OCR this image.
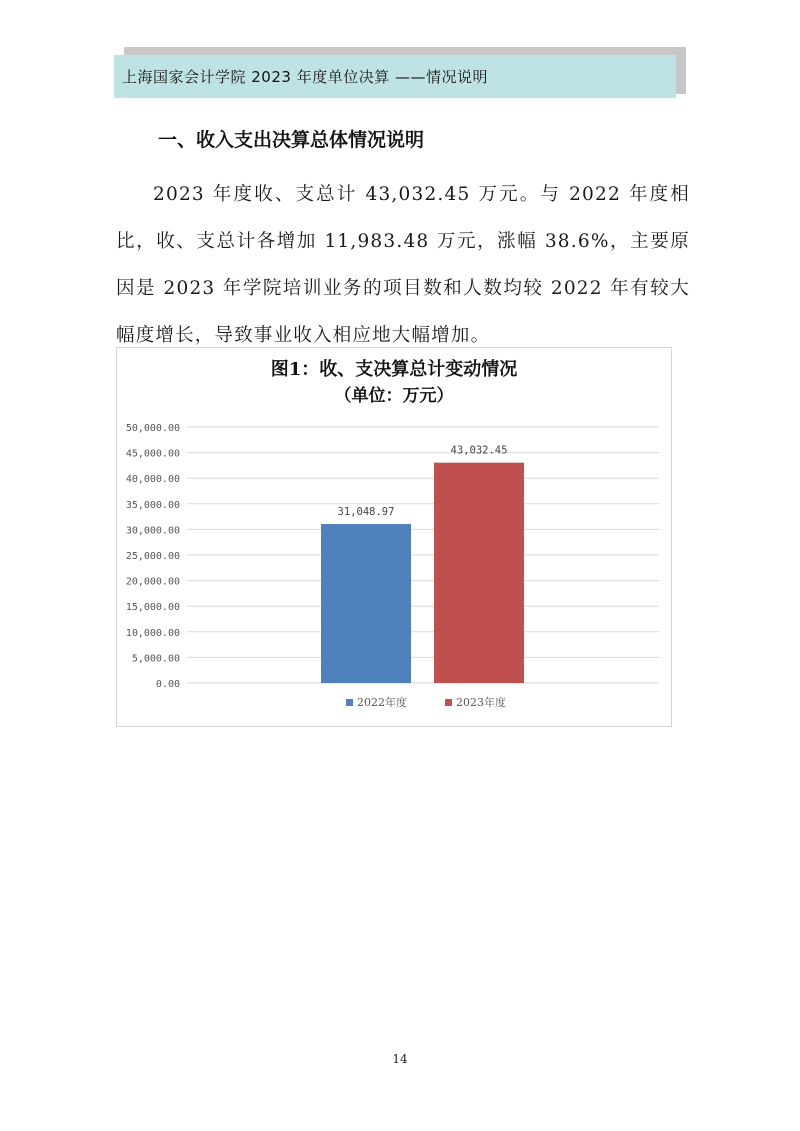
上海国家会计学院 2023 年度单位决算 ——情况说明
一、收入支出决算总体情况说明

2023 年度收、支总计 43,032.45 万元。与 2022 年度相比，收、支总计各增加 11,983.48 万元，涨幅 38.6%，主要原因是 2023 年学院培训业务的项目数和人数均较 2022 年有较大幅度增长，导致事业收入相应地大幅增加。

图1：收、支决算总计变动情况
（单位：万元）
0.00
5,000.00
10,000.00
15,000.00
20,000.00
25,000.00
30,000.00
35,000.00
40,000.00
45,000.00
50,000.00
31,048.97
43,032.45
2022年度	2023年度
14
